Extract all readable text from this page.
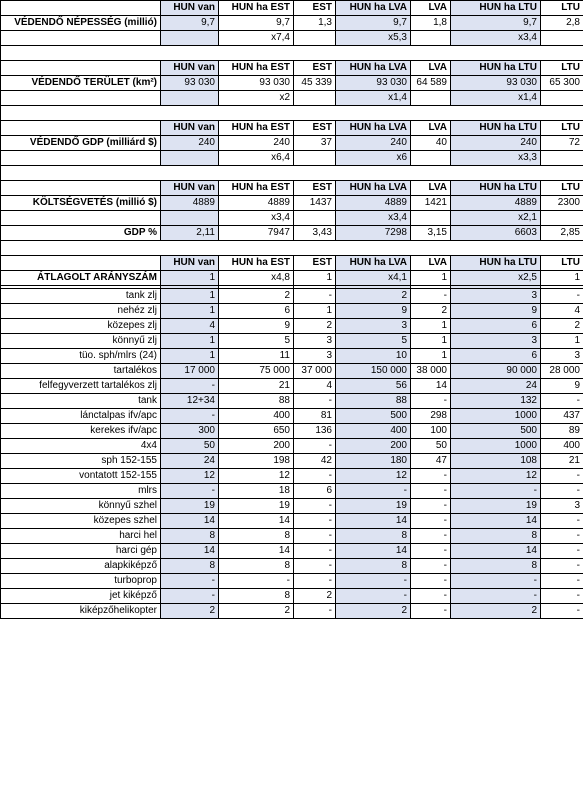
	HUN van	HUN ha EST	EST	HUN ha LVA	LVA	HUN ha LTU	LTU
VÉDENDŐ NÉPESSÉG (millió)	9,7	9,7	1,3	9,7	1,8	9,7	2,8
		x7,4		x5,3		x3,4	

	HUN van	HUN ha EST	EST	HUN ha LVA	LVA	HUN ha LTU	LTU
VÉDENDŐ TERÜLET (km²)	93 030	93 030	45 339	93 030	64 589	93 030	65 300
		x2		x1,4		x1,4	

	HUN van	HUN ha EST	EST	HUN ha LVA	LVA	HUN ha LTU	LTU
VÉDENDŐ GDP (milliárd $)	240	240	37	240	40	240	72
		x6,4		x6		x3,3	

	HUN van	HUN ha EST	EST	HUN ha LVA	LVA	HUN ha LTU	LTU
KÖLTSÉGVETÉS (millió $)	4889	4889	1437	4889	1421	4889	2300
		x3,4		x3,4		x2,1	
GDP %	2,11	7947	3,43	7298	3,15	6603	2,85

	HUN van	HUN ha EST	EST	HUN ha LVA	LVA	HUN ha LTU	LTU
ÁTLAGOLT ARÁNYSZÁM	1	x4,8	1	x4,1	1	x2,5	1

tank zlj	1	2	-	2	-	3	-
nehéz zlj	1	6	1	9	2	9	4
közepes zlj	4	9	2	3	1	6	2
könnyű zlj	1	5	3	5	1	3	1
tüo. sph/mlrs (24)	1	11	3	10	1	6	3
tartalékos	17 000	75 000	37 000	150 000	38 000	90 000	28 000
felfegyverzett tartalékos zlj	-	21	4	56	14	24	9
tank	12+34	88	-	88	-	132	-
lánctalpas ifv/apc	-	400	81	500	298	1000	437
kerekes ifv/apc	300	650	136	400	100	500	89
4x4	50	200	-	200	50	1000	400
sph 152-155	24	198	42	180	47	108	21
vontatott 152-155	12	12	-	12	-	12	-
mlrs	-	18	6	-	-	-	-
könnyű szhel	19	19	-	19	-	19	3
közepes szhel	14	14	-	14	-	14	-
harci hel	8	8	-	8	-	8	-
harci gép	14	14	-	14	-	14	-
alapkiképző	8	8	-	8	-	8	-
turboprop	-	-	-	-	-	-	-
jet kiképző	-	8	2	-	-	-	-
kiképzőhelikopter	2	2	-	2	-	2	-
